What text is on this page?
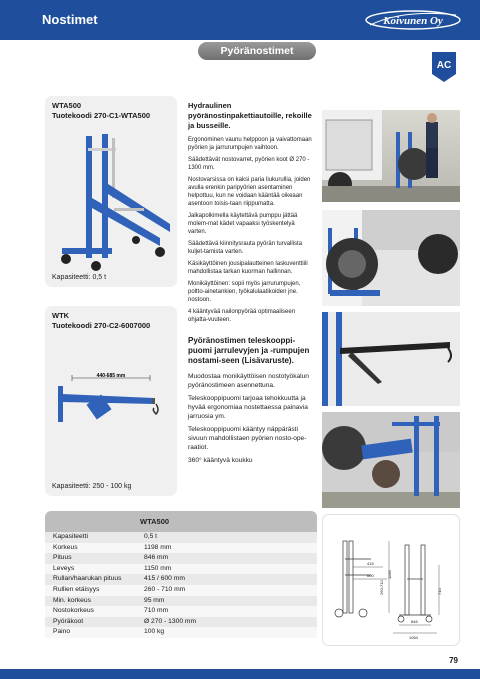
Nostimet	Koivunen Oy
Pyöränostimet
AC
WTA500
Tuotekoodi 270-C1-WTA500
Kapasiteetti: 0,5 t
WTK
Tuotekoodi 270-C2-6007000
440-685 mm
Kapasiteetti: 250 - 100 kg
Hydraulinen pyöränostinpakettiautoille, rekoille ja busseille.

Ergonominen vaunu helppoon ja vaivattomaan pyörien ja jarrurumpujen vaihtoon.

Säädettävät nostovarret, pyörien koot Ø 270 - 1300 mm.

Nostovarsissa on kaksi paria liukurullia, joiden avulla erenkin paripyörien asentaminen helpottuu, kun ne voidaan kääntää oikeaan asentoon toisis-taan riippumatta.

Jalkapolkimella käytettävä pumppu jättää molem-mat kädet vapaaksi työskentelyä varten.

Säädettävä kiinnitysrauta pyörän turvallista kuljet-tamista varten.

Käsikäyttöinen jousipalautteinen laskuventtiili mahdollistaa tarkan kuorman hallinnan.

Monikäyttöinen: sopii myös jarrurumpujen, poltto-ainetankien, työkalulaatikoiden jne. nostoon.

4 kääntyvää nailonpyörää optimaaliseen ohjatta-vuuteen.

Pyöränostimen teleskooppi- puomi jarrulevyjen ja -rumpujen nostami-seen (Lisävaruste).

Muodostaa monikäyttöisen nostotyökalun pyöränostimeen asennettuna.

Teleskooppipuomi tarjoaa tehokkuutta ja hyvää ergonomiaa nostettaessa painavia jarruosia ym.

Teleskooppipuomi kääntyy näppärästi sivuun mahdollistaen pyörien nosto-ope-raatiot.

360° kääntyvä koukku

WTA500
Kapasiteetti	0,5 t
Korkeus	1198 mm
Pituus	846 mm
Leveys	1150 mm
Rullan/haarukan pituus	415 / 600 mm
Rullien etäisyys	260 - 710 mm
Min. korkeus	95 mm
Nostokorkeus	710 mm
Pyöräkoot	Ø 270 - 1300 mm
Paino	100 kg
415
600	1198
846
710
1064
260-710
79
